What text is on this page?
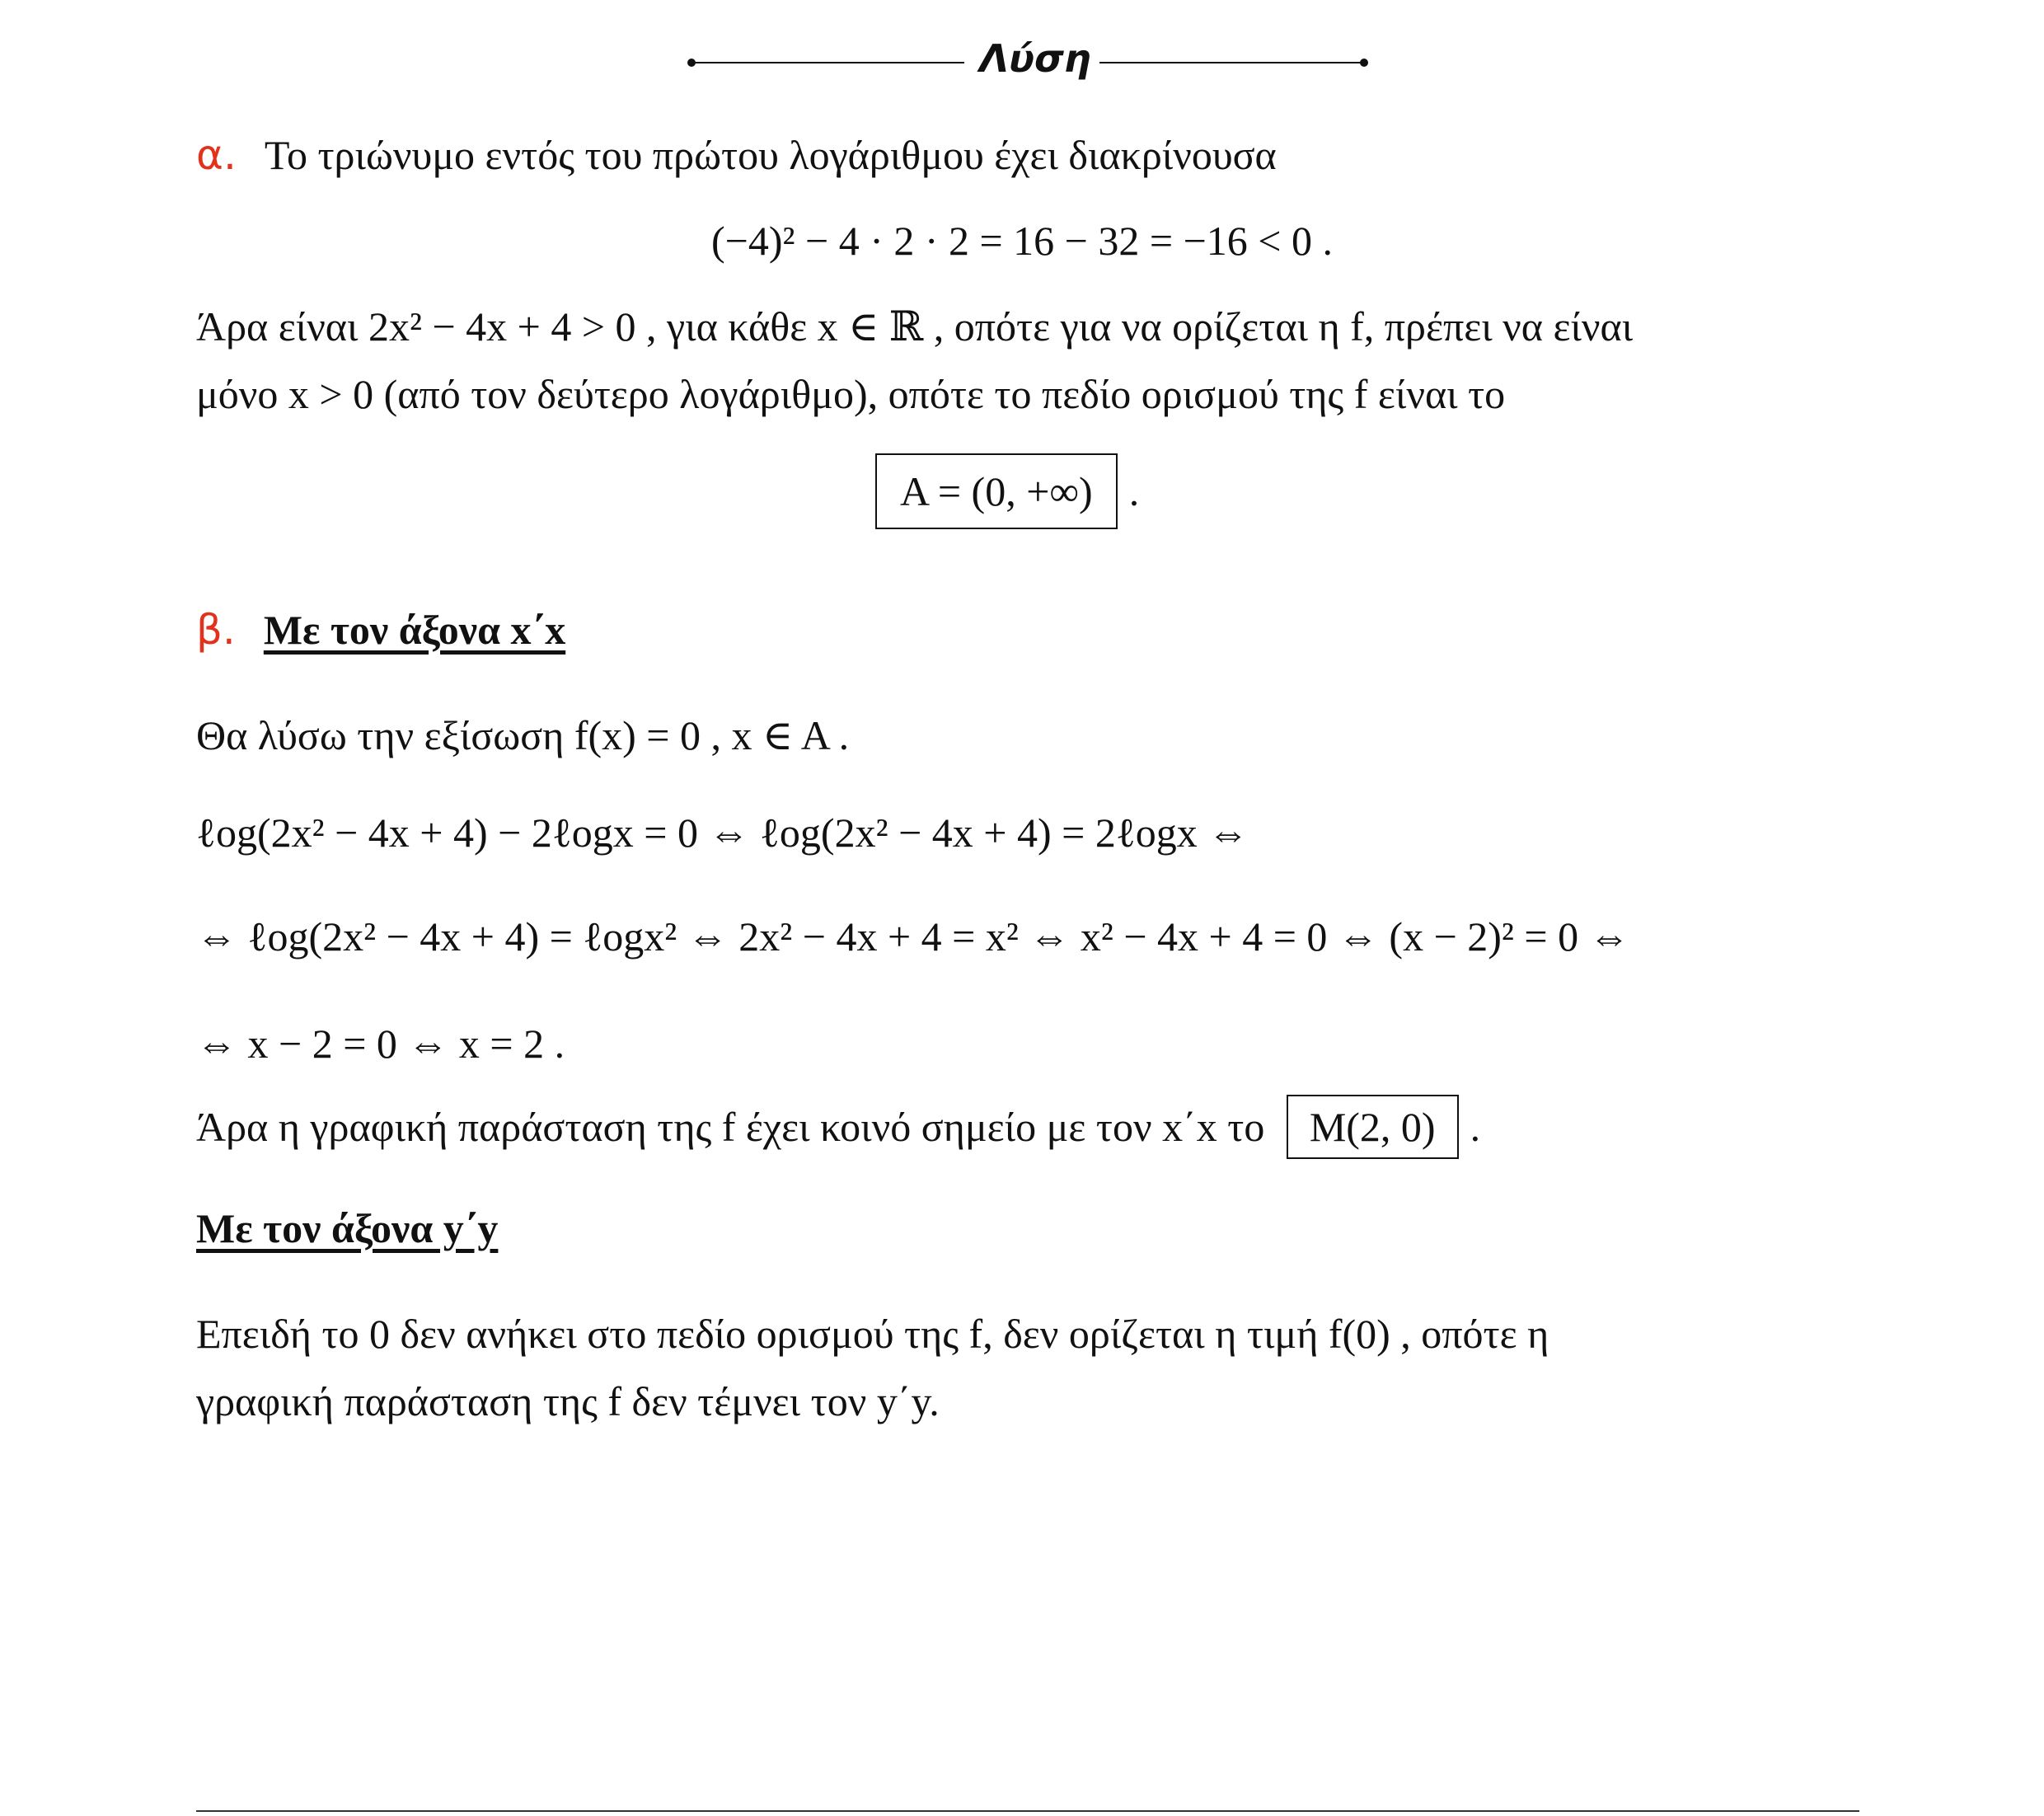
Λύση
α. Το τριώνυμο εντός του πρώτου λογάριθμου έχει διακρίνουσα
(−4)² − 4 · 2 · 2 = 16 − 32 = −16 < 0 .
Άρα είναι 2x² − 4x + 4 > 0 , για κάθε x ∈ ℝ , οπότε για να ορίζεται η f, πρέπει να είναι
μόνο x > 0 (από τον δεύτερο λογάριθμο), οπότε το πεδίο ορισμού της f είναι το
A = (0, +∞) .
β. Με τον άξονα x΄x
Θα λύσω την εξίσωση f(x) = 0 , x ∈ A .
ℓog(2x² − 4x + 4) − 2ℓogx = 0 ⇔ ℓog(2x² − 4x + 4) = 2ℓogx ⇔
⇔ ℓog(2x² − 4x + 4) = ℓogx² ⇔ 2x² − 4x + 4 = x² ⇔ x² − 4x + 4 = 0 ⇔ (x − 2)² = 0 ⇔
⇔ x − 2 = 0 ⇔ x = 2 .
Άρα η γραφική παράσταση της f έχει κοινό σημείο με τον x΄x το M(2, 0) .
Με τον άξονα y΄y
Επειδή το 0 δεν ανήκει στο πεδίο ορισμού της f, δεν ορίζεται η τιμή f(0) , οπότε η
γραφική παράσταση της f δεν τέμνει τον y΄y.
